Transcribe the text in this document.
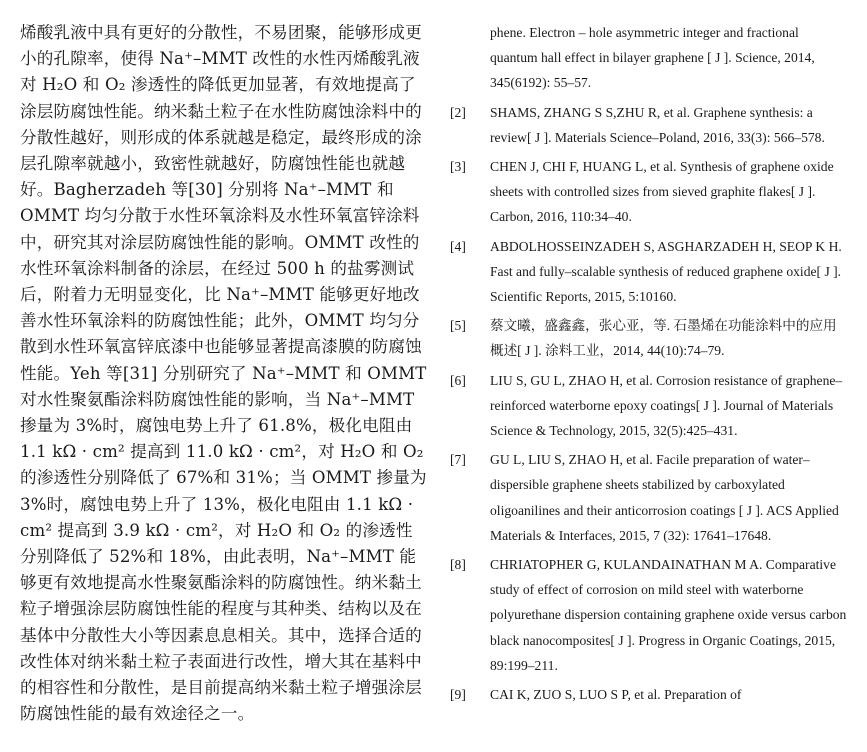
烯酸乳液中具有更好的分散性，不易团聚，能够形成更小的孔隙率，使得 Na⁺–MMT 改性的水性丙烯酸乳液对 H₂O 和 O₂ 渗透性的降低更加显著，有效地提高了涂层防腐蚀性能。纳米黏土粒子在水性防腐蚀涂料中的分散性越好，则形成的体系就越是稳定，最终形成的涂层孔隙率就越小，致密性就越好，防腐蚀性能也就越好。Bagherzadeh 等[30] 分别将 Na⁺–MMT 和 OMMT 均匀分散于水性环氧涂料及水性环氧富锌涂料中，研究其对涂层防腐蚀性能的影响。OMMT 改性的水性环氧涂料制备的涂层，在经过 500 h 的盐雾测试后，附着力无明显变化，比 Na⁺–MMT 能够更好地改善水性环氧涂料的防腐蚀性能；此外，OMMT 均匀分散到水性环氧富锌底漆中也能够显著提高漆膜的防腐蚀性能。Yeh 等[31] 分别研究了 Na⁺–MMT 和 OMMT 对水性聚氨酯涂料防腐蚀性能的影响，当 Na⁺–MMT 掺量为 3%时，腐蚀电势上升了 61.8%，极化电阻由 1.1 kΩ · cm² 提高到 11.0 kΩ · cm²，对 H₂O 和 O₂ 的渗透性分别降低了 67%和 31%；当 OMMT 掺量为 3%时，腐蚀电势上升了 13%，极化电阻由 1.1 kΩ · cm² 提高到 3.9 kΩ · cm²，对 H₂O 和 O₂ 的渗透性分别降低了 52%和 18%，由此表明，Na⁺–MMT 能够更有效地提高水性聚氨酯涂料的防腐蚀性。纳米黏土粒子增强涂层防腐蚀性能的程度与其种类、结构以及在基体中分散性大小等因素息息相关。其中，选择合适的改性体对纳米黏土粒子表面进行改性，增大其在基料中的相容性和分散性，是目前提高纳米黏土粒子增强涂层防腐蚀性能的最有效途径之一。

phene. Electron – hole asymmetric integer and fractional quantum hall effect in bilayer graphene [ J ]. Science, 2014, 345(6192): 55–57.
[2]	SHAMS, ZHANG S S,ZHU R, et al. Graphene synthesis: a review[ J ]. Materials Science–Poland, 2016, 33(3): 566–578.
[3]	CHEN J, CHI F, HUANG L, et al. Synthesis of graphene oxide sheets with controlled sizes from sieved graphite flakes[ J ]. Carbon, 2016, 110:34–40.
[4]	ABDOLHOSSEINZADEH S, ASGHARZADEH H, SEOP K H. Fast and fully–scalable synthesis of reduced graphene oxide[ J ]. Scientific Reports, 2015, 5:10160.
[5]	蔡文曦，盛鑫鑫，张心亚，等. 石墨烯在功能涂料中的应用概述[ J ]. 涂料工业，2014, 44(10):74–79.
[6]	LIU S, GU L, ZHAO H, et al. Corrosion resistance of graphene–reinforced waterborne epoxy coatings[ J ]. Journal of Materials Science & Technology, 2015, 32(5):425–431.
[7]	GU L, LIU S, ZHAO H, et al. Facile preparation of water–dispersible graphene sheets stabilized by carboxylated oligoanilines and their anticorrosion coatings [ J ]. ACS Applied Materials & Interfaces, 2015, 7 (32): 17641–17648.
[8]	CHRIATOPHER G, KULANDAINATHAN M A. Comparative study of effect of corrosion on mild steel with waterborne polyurethane dispersion containing graphene oxide versus carbon black nanocomposites[ J ]. Progress in Organic Coatings, 2015, 89:199–211.
[9]	CAI K, ZUO S, LUO S P, et al. Preparation of
